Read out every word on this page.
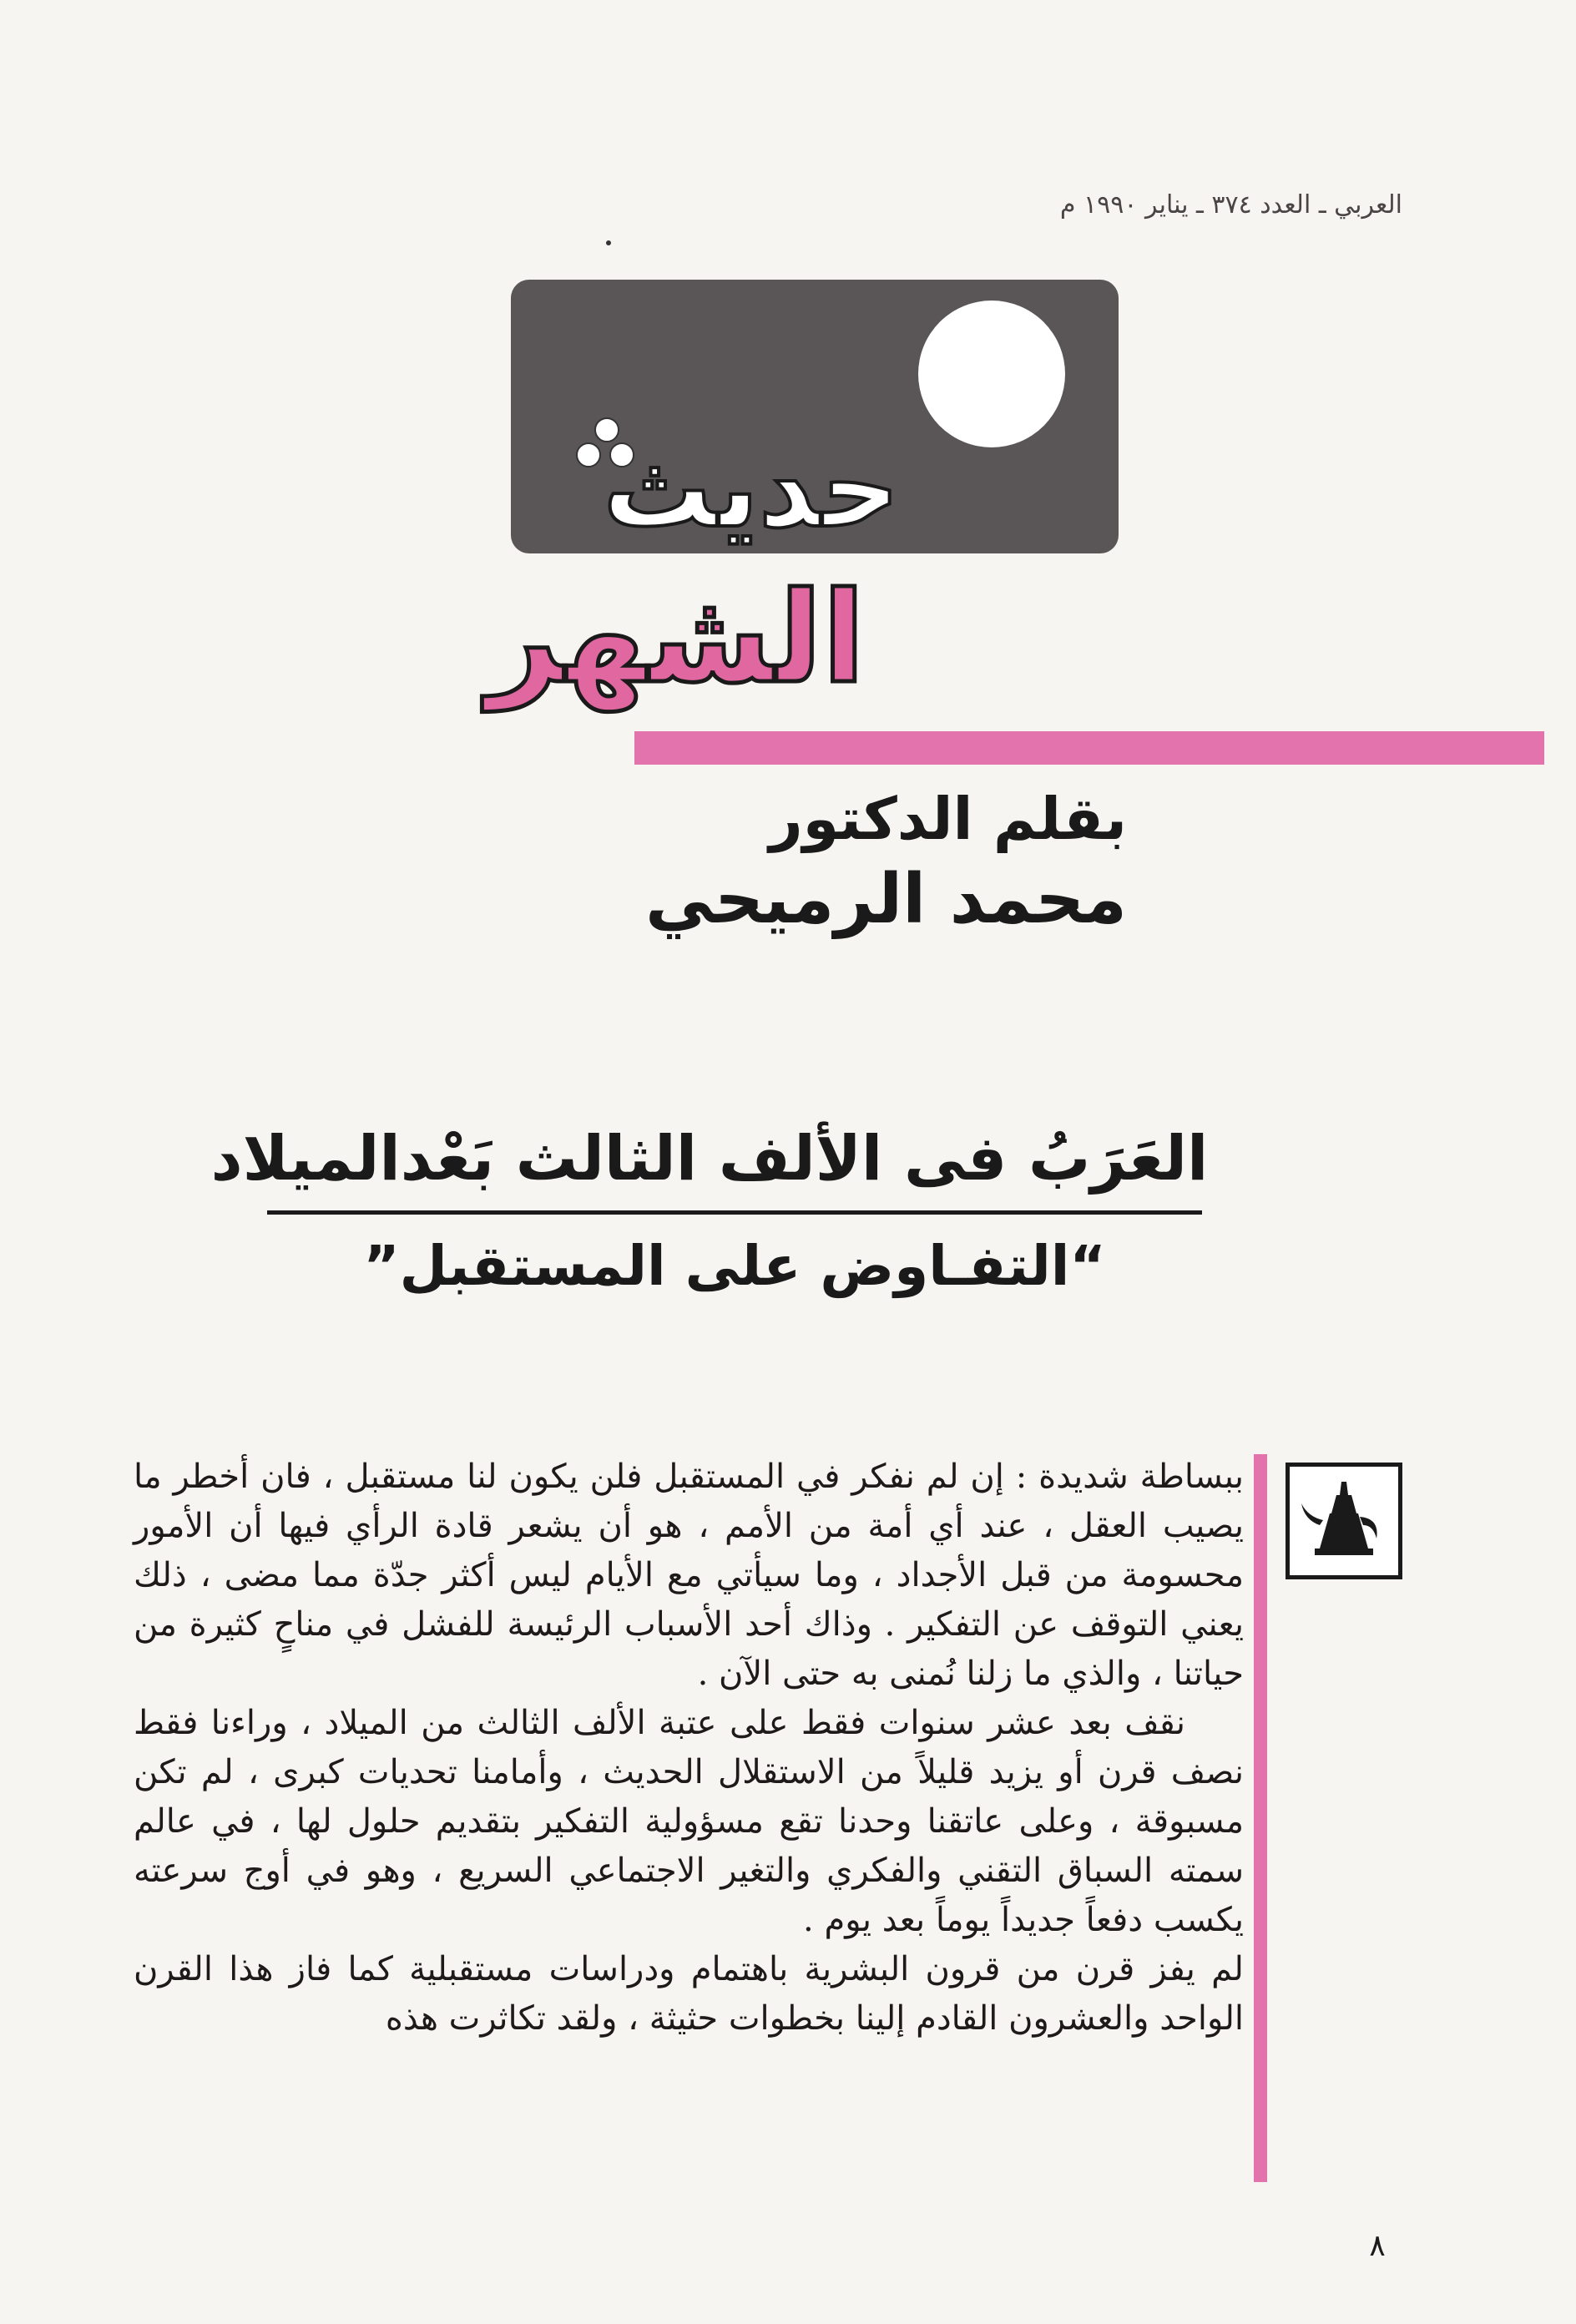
العربي ـ العدد ٣٧٤ ـ يناير ١٩٩٠ م
حديث
الشهر
بقلم الدكتور
محمد الرميحي
العَرَبُ فى الألف الثالث بَعْدالميلاد
“التفـاوض على المستقبل”

ببساطة شديدة : إن لم نفكر في المستقبل فلن يكون لنا مستقبل ، فان أخطر ما يصيب العقل ، عند أي أمة من الأمم ، هو أن يشعر قادة الرأي فيها أن الأمور محسومة من قبل الأجداد ، وما سيأتي مع الأيام ليس أكثر جدّة مما مضى ، ذلك يعني التوقف عن التفكير . وذاك أحد الأسباب الرئيسة للفشل في مناحٍ كثيرة من حياتنا ، والذي ما زلنا نُمنى به حتى الآن .

نقف بعد عشر سنوات فقط على عتبة الألف الثالث من الميلاد ، وراءنا فقط نصف قرن أو يزيد قليلاً من الاستقلال الحديث ، وأمامنا تحديات كبرى ، لم تكن مسبوقة ، وعلى عاتقنا وحدنا تقع مسؤولية التفكير بتقديم حلول لها ، في عالم سمته السباق التقني والفكري والتغير الاجتماعي السريع ، وهو في أوج سرعته يكسب دفعاً جديداً يوماً بعد يوم .

لم يفز قرن من قرون البشرية باهتمام ودراسات مستقبلية كما فاز هذا القرن الواحد والعشرون القادم إلينا بخطوات حثيثة ، ولقد تكاثرت هذه

٨
